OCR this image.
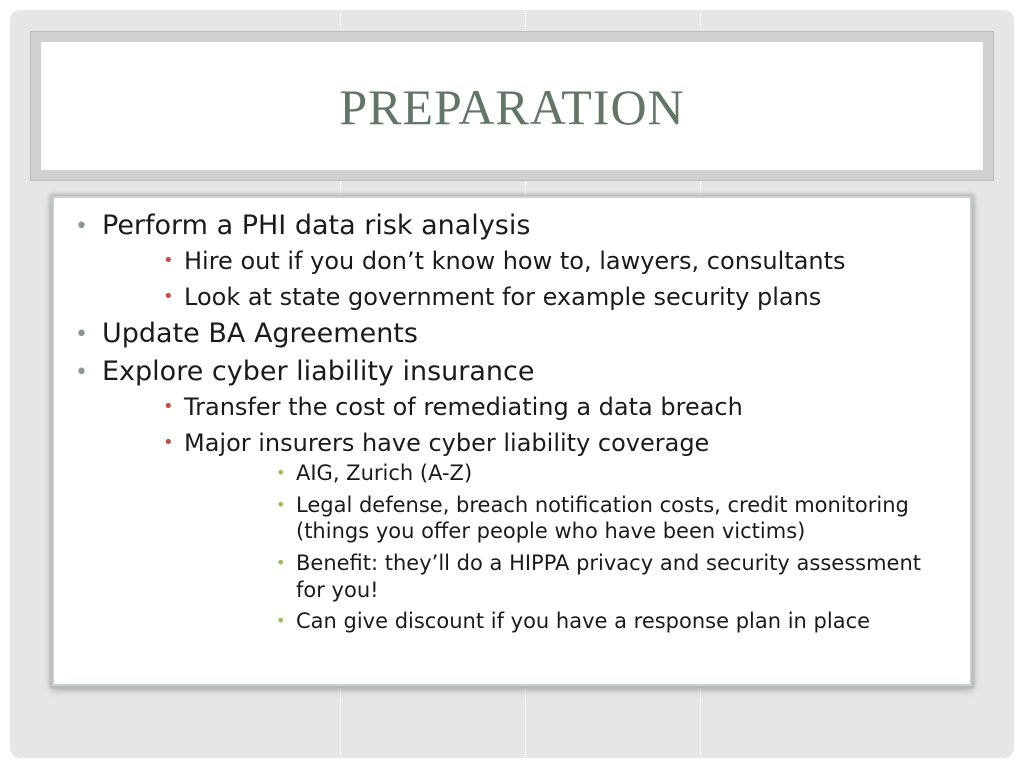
PREPARATION
• Perform a PHI data risk analysis
• Hire out if you don’t know how to, lawyers, consultants
• Look at state government for example security plans
• Update BA Agreements
• Explore cyber liability insurance
• Transfer the cost of remediating a data breach
• Major insurers have cyber liability coverage
• AIG, Zurich (A-Z)
• Legal defense, breach notification costs, credit monitoring (things you offer people who have been victims)
• Benefit: they’ll do a HIPPA privacy and security assessment for you!
• Can give discount if you have a response plan in place
